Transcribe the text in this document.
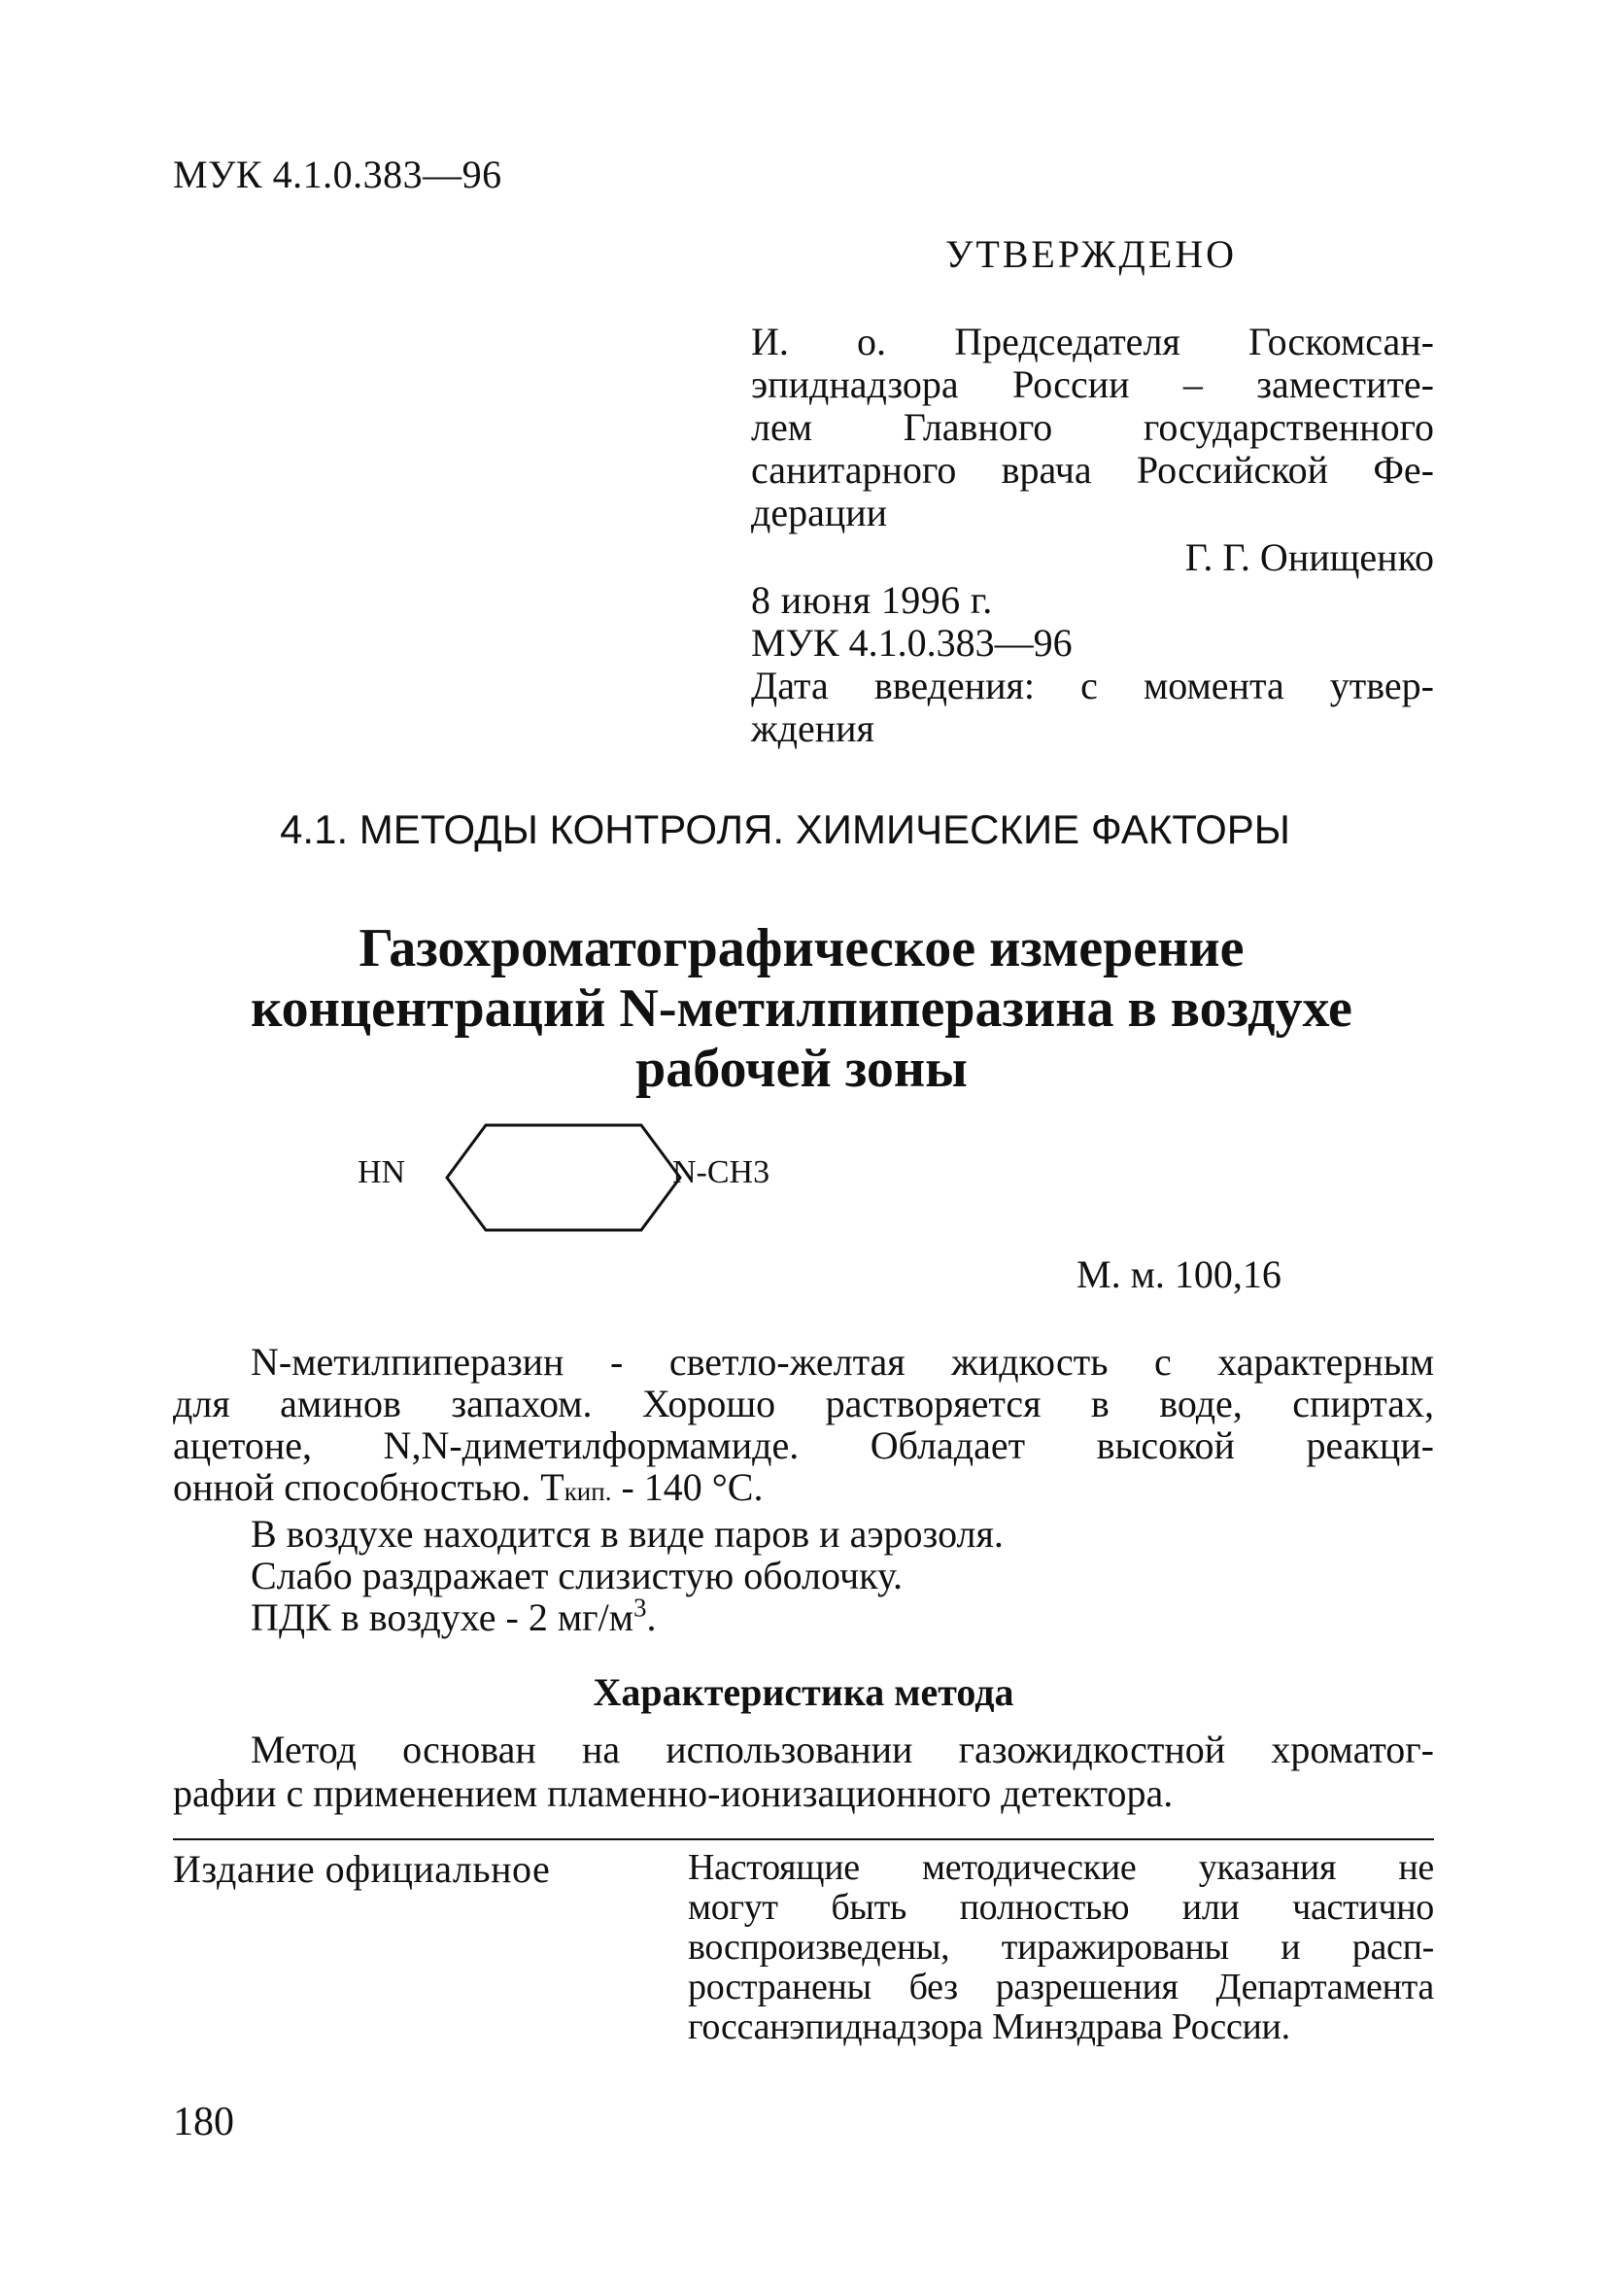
МУК 4.1.0.383—96
УТВЕРЖДЕНО
И. о. Председателя Госкомсан-
эпиднадзора России – заместите-
лем Главного государственного
санитарного врача Российской Фе-
дерации
Г. Г. Онищенко
8 июня 1996 г.
МУК 4.1.0.383—96
Дата введения: с момента утвер-
ждения
4.1. МЕТОДЫ КОНТРОЛЯ. ХИМИЧЕСКИЕ ФАКТОРЫ
Газохроматографическое измерение
концентраций N-метилпиперазина в воздухе
рабочей зоны
HN	N-CH3
М. м. 100,16
N-метилпиперазин - светло-желтая жидкость с характерным
для аминов запахом. Хорошо растворяется в воде, спиртах,
ацетоне, N,N-диметилформамиде. Обладает высокой реакци-
онной способностью. Ткип. - 140 °С.
В воздухе находится в виде паров и аэрозоля.
Слабо раздражает слизистую оболочку.
ПДК в воздухе - 2 $мг/м^3$.
Характеристика метода
Метод основан на использовании газожидкостной хроматог-
рафии с применением пламенно-ионизационного детектора.
Издание официальное	Настоящие методические указания не
могут быть полностью или частично
воспроизведены, тиражированы и расп-
ространены без разрешения Департамента
госсанэпиднадзора Минздрава России.
180
